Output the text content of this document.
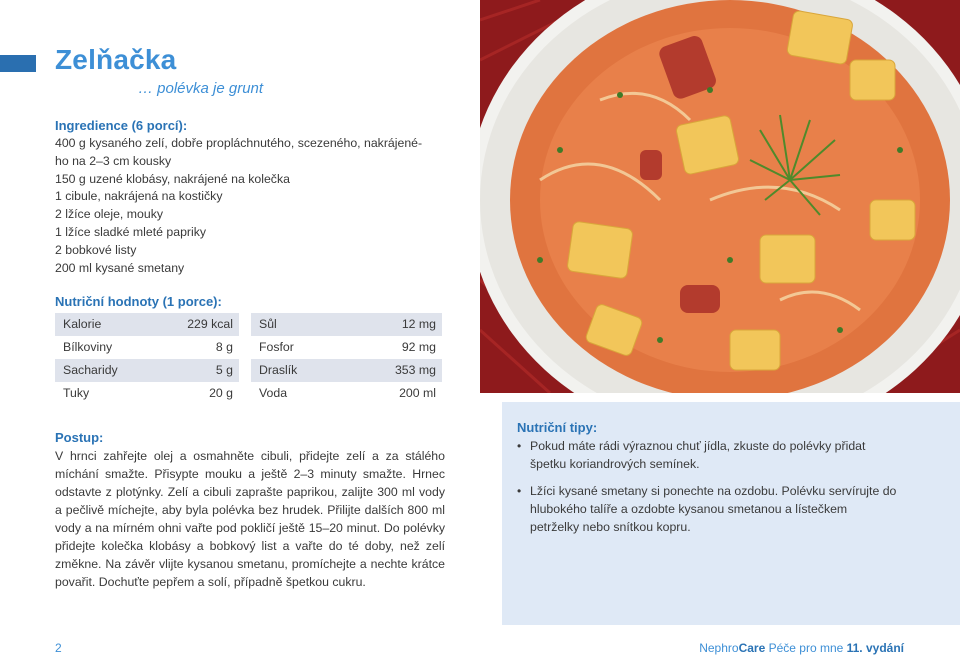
Zelňačka
… polévka je grunt
Ingredience (6 porcí):
400 g kysaného zelí, dobře propláchnutého, scezeného, nakrájené-
ho na 2–3 cm kousky
150 g uzené klobásy, nakrájené na kolečka
1 cibule, nakrájená na kostičky
2 lžíce oleje, mouky
1 lžíce sladké mleté papriky
2 bobkové listy
200 ml kysané smetany
Nutriční hodnoty (1 porce):
Kalorie	229 kcal
Bílkoviny	8 g
Sacharidy	5 g
Tuky	20 g
Sůl	12 mg
Fosfor	92 mg
Draslík	353 mg
Voda	200 ml
Postup:

V hrnci zahřejte olej a osmahněte cibuli, přidejte zelí a za stálého míchání smažte. Přisypte mouku a ještě 2–3 minuty smažte. Hrnec odstavte z plotýnky. Zelí a cibuli zaprašte paprikou, zalijte 300 ml vody a pečlivě míchejte, aby byla polévka bez hrudek. Přilijte dalších 800 ml vody a na mírném ohni vařte pod pokličí ještě 15–20 minut. Do polévky přidejte kolečka klobásy a bobkový list a vařte do té doby, než zelí změkne. Na závěr vlijte kysanou smetanu, promíchejte a nechte krátce povařit. Dochuťte pepřem a solí, případně špetkou cukru.

Nutriční tipy:
• Pokud máte rádi výraznou chuť jídla, zkuste do polévky přidat špetku koriandrových semínek.
• Lžíci kysané smetany si ponechte na ozdobu. Polévku servírujte do hlubokého talíře a ozdobte kysanou smetanou a lístečkem petrželky nebo snítkou kopru.
2	NephroCare Péče pro mne 11. vydání
